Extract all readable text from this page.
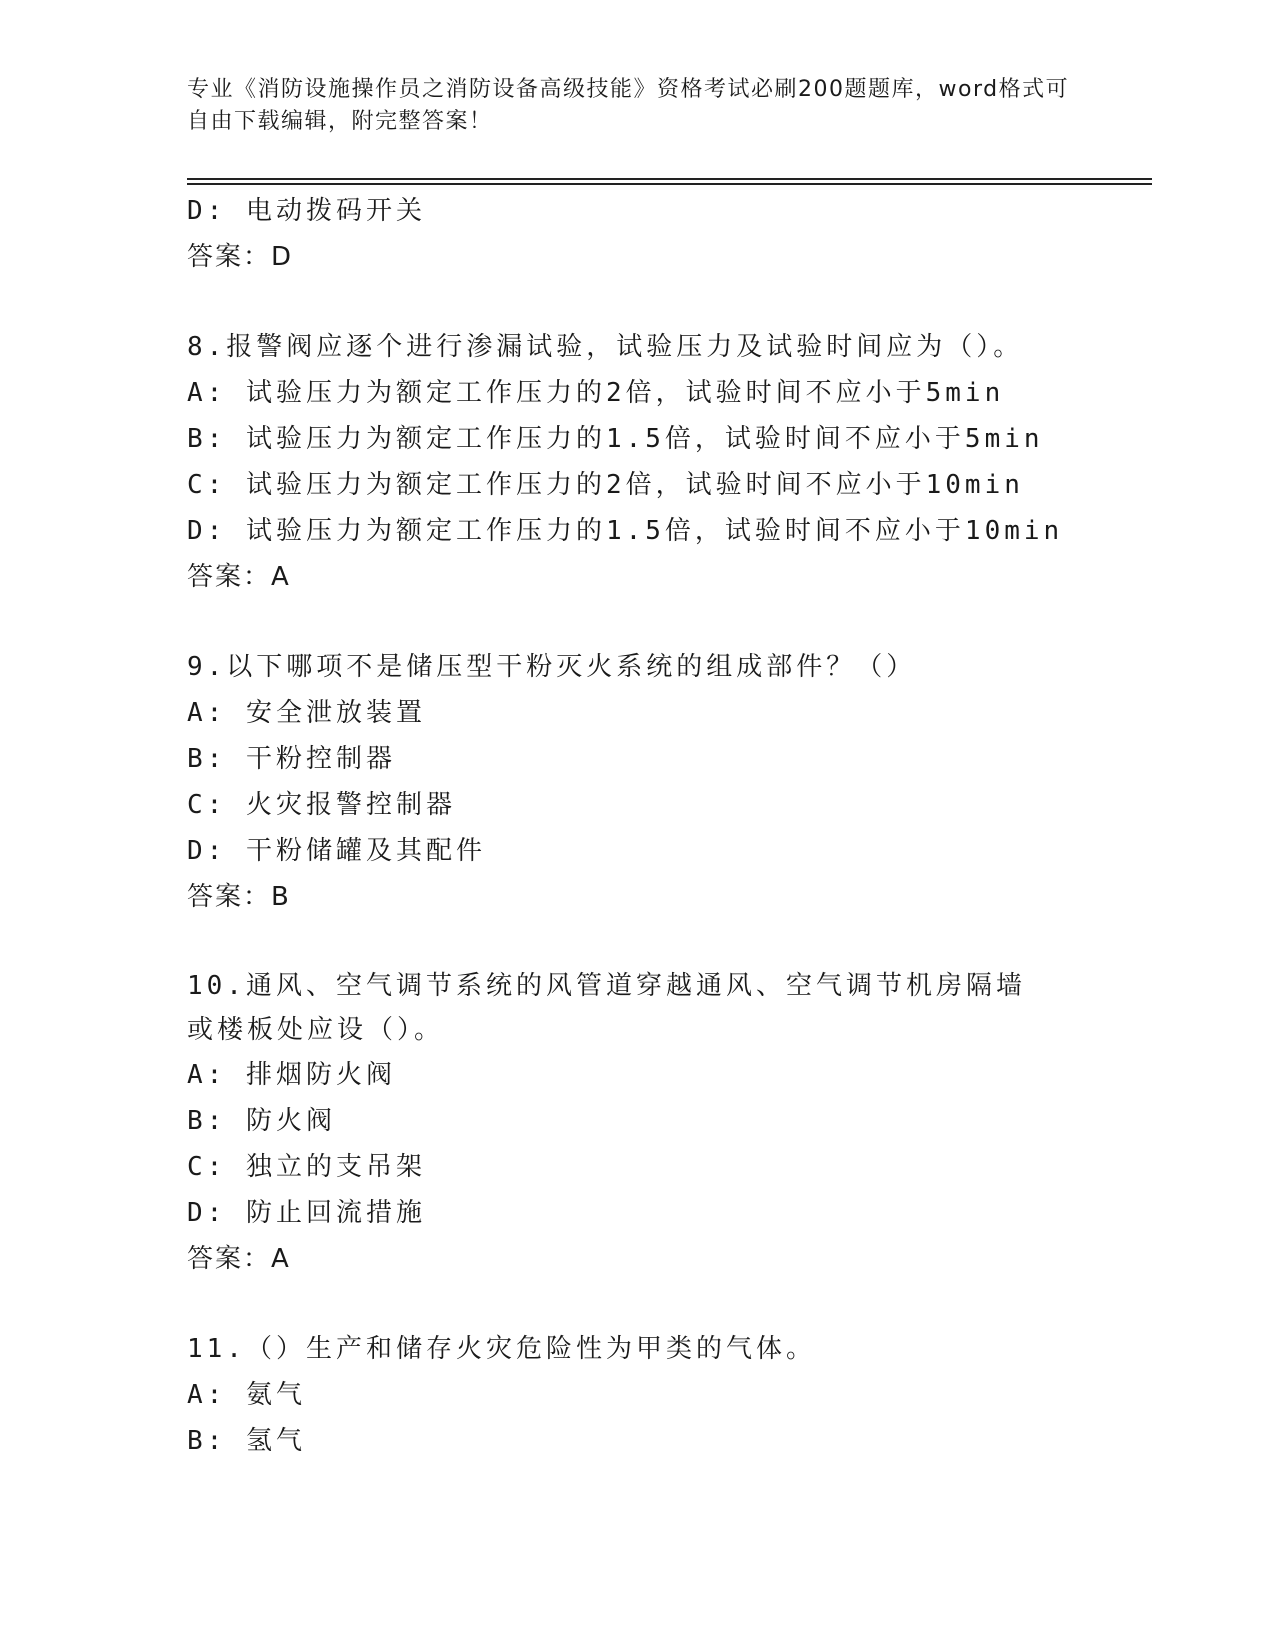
专业《消防设施操作员之消防设备高级技能》资格考试必刷200题题库，word格式可自由下载编辑，附完整答案！
D: 电动拨码开关
答案：D
8.报警阀应逐个进行渗漏试验，试验压力及试验时间应为（）。
A: 试验压力为额定工作压力的2倍，试验时间不应小于5min
B: 试验压力为额定工作压力的1.5倍，试验时间不应小于5min
C: 试验压力为额定工作压力的2倍，试验时间不应小于10min
D: 试验压力为额定工作压力的1.5倍，试验时间不应小于10min
答案：A
9.以下哪项不是储压型干粉灭火系统的组成部件？（）
A: 安全泄放装置
B: 干粉控制器
C: 火灾报警控制器
D: 干粉储罐及其配件
答案：B
10.通风、空气调节系统的风管道穿越通风、空气调节机房隔墙或楼板处应设（）。
A: 排烟防火阀
B: 防火阀
C: 独立的支吊架
D: 防止回流措施
答案：A
11.（）生产和储存火灾危险性为甲类的气体。
A: 氨气
B: 氢气
